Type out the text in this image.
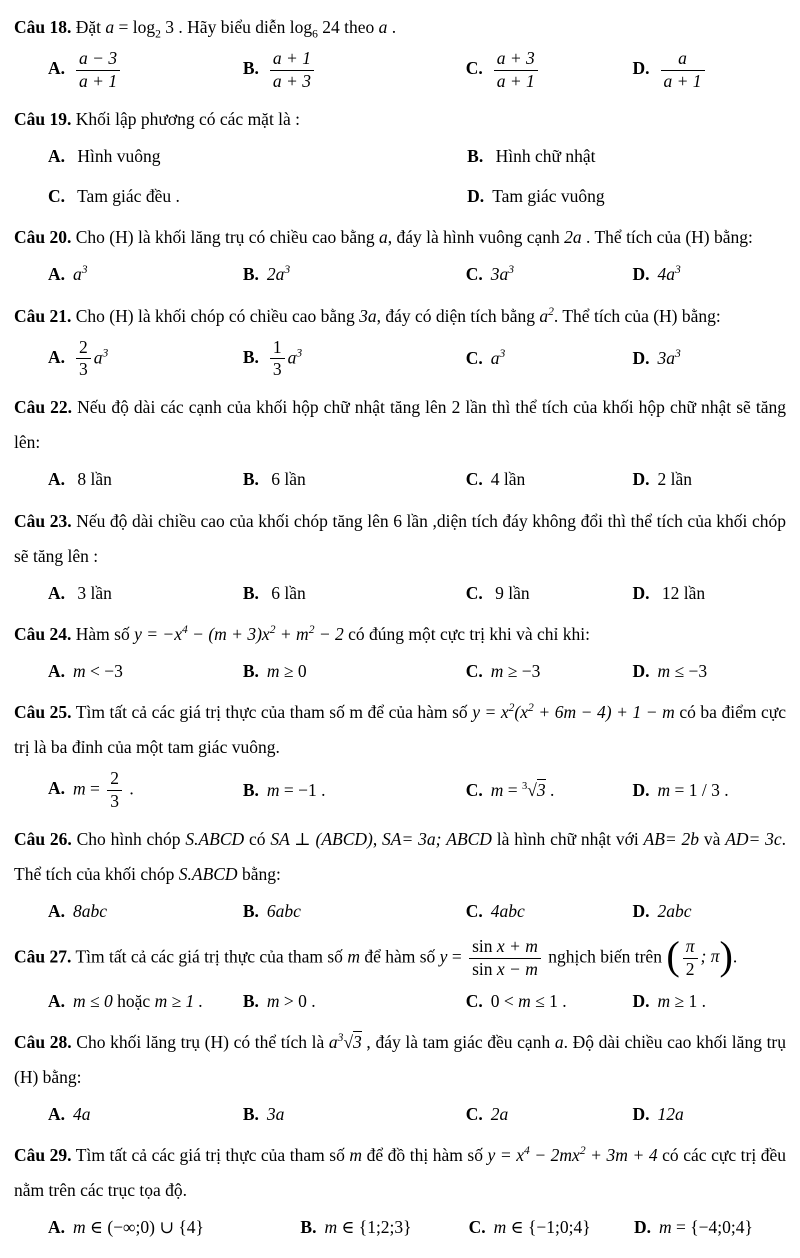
Câu 18. Đặt $a = \log_2 3$ . Hãy biểu diễn $\log_6 24$ theo a .

A. $\frac{a - 3}{a + 1}$	B. $\frac{a + 1}{a + 3}$	C. $\frac{a + 3}{a + 1}$	D. $\frac{a}{a + 1}$

Câu 19. Khối lập phương có các mặt là :

A. Hình vuông	B. Hình chữ nhật
C. Tam giác đều .	D. Tam giác vuông

Câu 20. Cho (H) là khối lăng trụ có chiều cao bằng a, đáy là hình vuông cạnh 2a . Thể tích của (H) bằng:

A. $a^3$	B. $2a^3$	C. $3a^3$	D. $4a^3$

Câu 21. Cho (H) là khối chóp có chiều cao bằng 3a, đáy có diện tích bằng $a^2$. Thể tích của (H) bằng:

A. $\frac{2}{3} a^3$	B. $\frac{1}{3} a^3$	C. $a^3$	D. $3a^3$

Câu 22. Nếu độ dài các cạnh của khối hộp chữ nhật tăng lên 2 lần thì thể tích của khối hộp chữ nhật sẽ tăng lên:

A. 8 lần	B. 6 lần	C. 4 lần	D. 2 lần

Câu 23. Nếu độ dài chiều cao của khối chóp tăng lên 6 lần ,diện tích đáy không đổi thì thể tích của khối chóp sẽ tăng lên :

A. 3 lần	B. 6 lần	C. 9 lần	D. 12 lần

Câu 24. Hàm số $y = -x^4 - (m + 3)x^2 + m^2 - 2$ có đúng một cực trị khi và chỉ khi:

A. m < −3	B. m ≥ 0	C. m ≥ −3	D. m ≤ −3

Câu 25. Tìm tất cả các giá trị thực của tham số m để của hàm số $y = x^2(x^2 + 6m - 4) + 1 - m$ có ba điểm cực trị là ba đỉnh của một tam giác vuông.

A. $m = \frac{2}{3}$ .	B. m = −1 .	C. m = $^3$√3 .	D. m = 1 / 3 .

Câu 26. Cho hình chóp S.ABCD có SA ⊥ (ABCD), SA= 3a; ABCD là hình chữ nhật với AB= 2b và AD= 3c. Thể tích của khối chóp S.ABCD bằng:

A. 8abc	B. 6abc	C. 4abc	D. 2abc

Câu 27. Tìm tất cả các giá trị thực của tham số m để hàm số $y = \frac{\text{sin x + m}}{\text{sin x − m}}$ nghịch biến trên ( $\frac{\pi}{2}$ ; π).

A. m ≤ 0 hoặc m ≥ 1 .	B. m > 0 .	C. 0 < m ≤ 1 .	D. m ≥ 1 .

Câu 28. Cho khối lăng trụ (H) có thể tích là $a^3√3$ , đáy là tam giác đều cạnh a. Độ dài chiều cao khối lăng trụ (H) bằng:

A. 4a	B. 3a	C. 2a	D. 12a

Câu 29. Tìm tất cả các giá trị thực của tham số m để đồ thị hàm số $y = x^4 - 2mx^2 + 3m + 4$ có các cực trị đều nằm trên các trục tọa độ.

A. m ∈ (−∞;0) ∪ {4}	B. m ∈ {1;2;3}	C. m ∈ {−1;0;4}	D. m = {−4;0;4}
